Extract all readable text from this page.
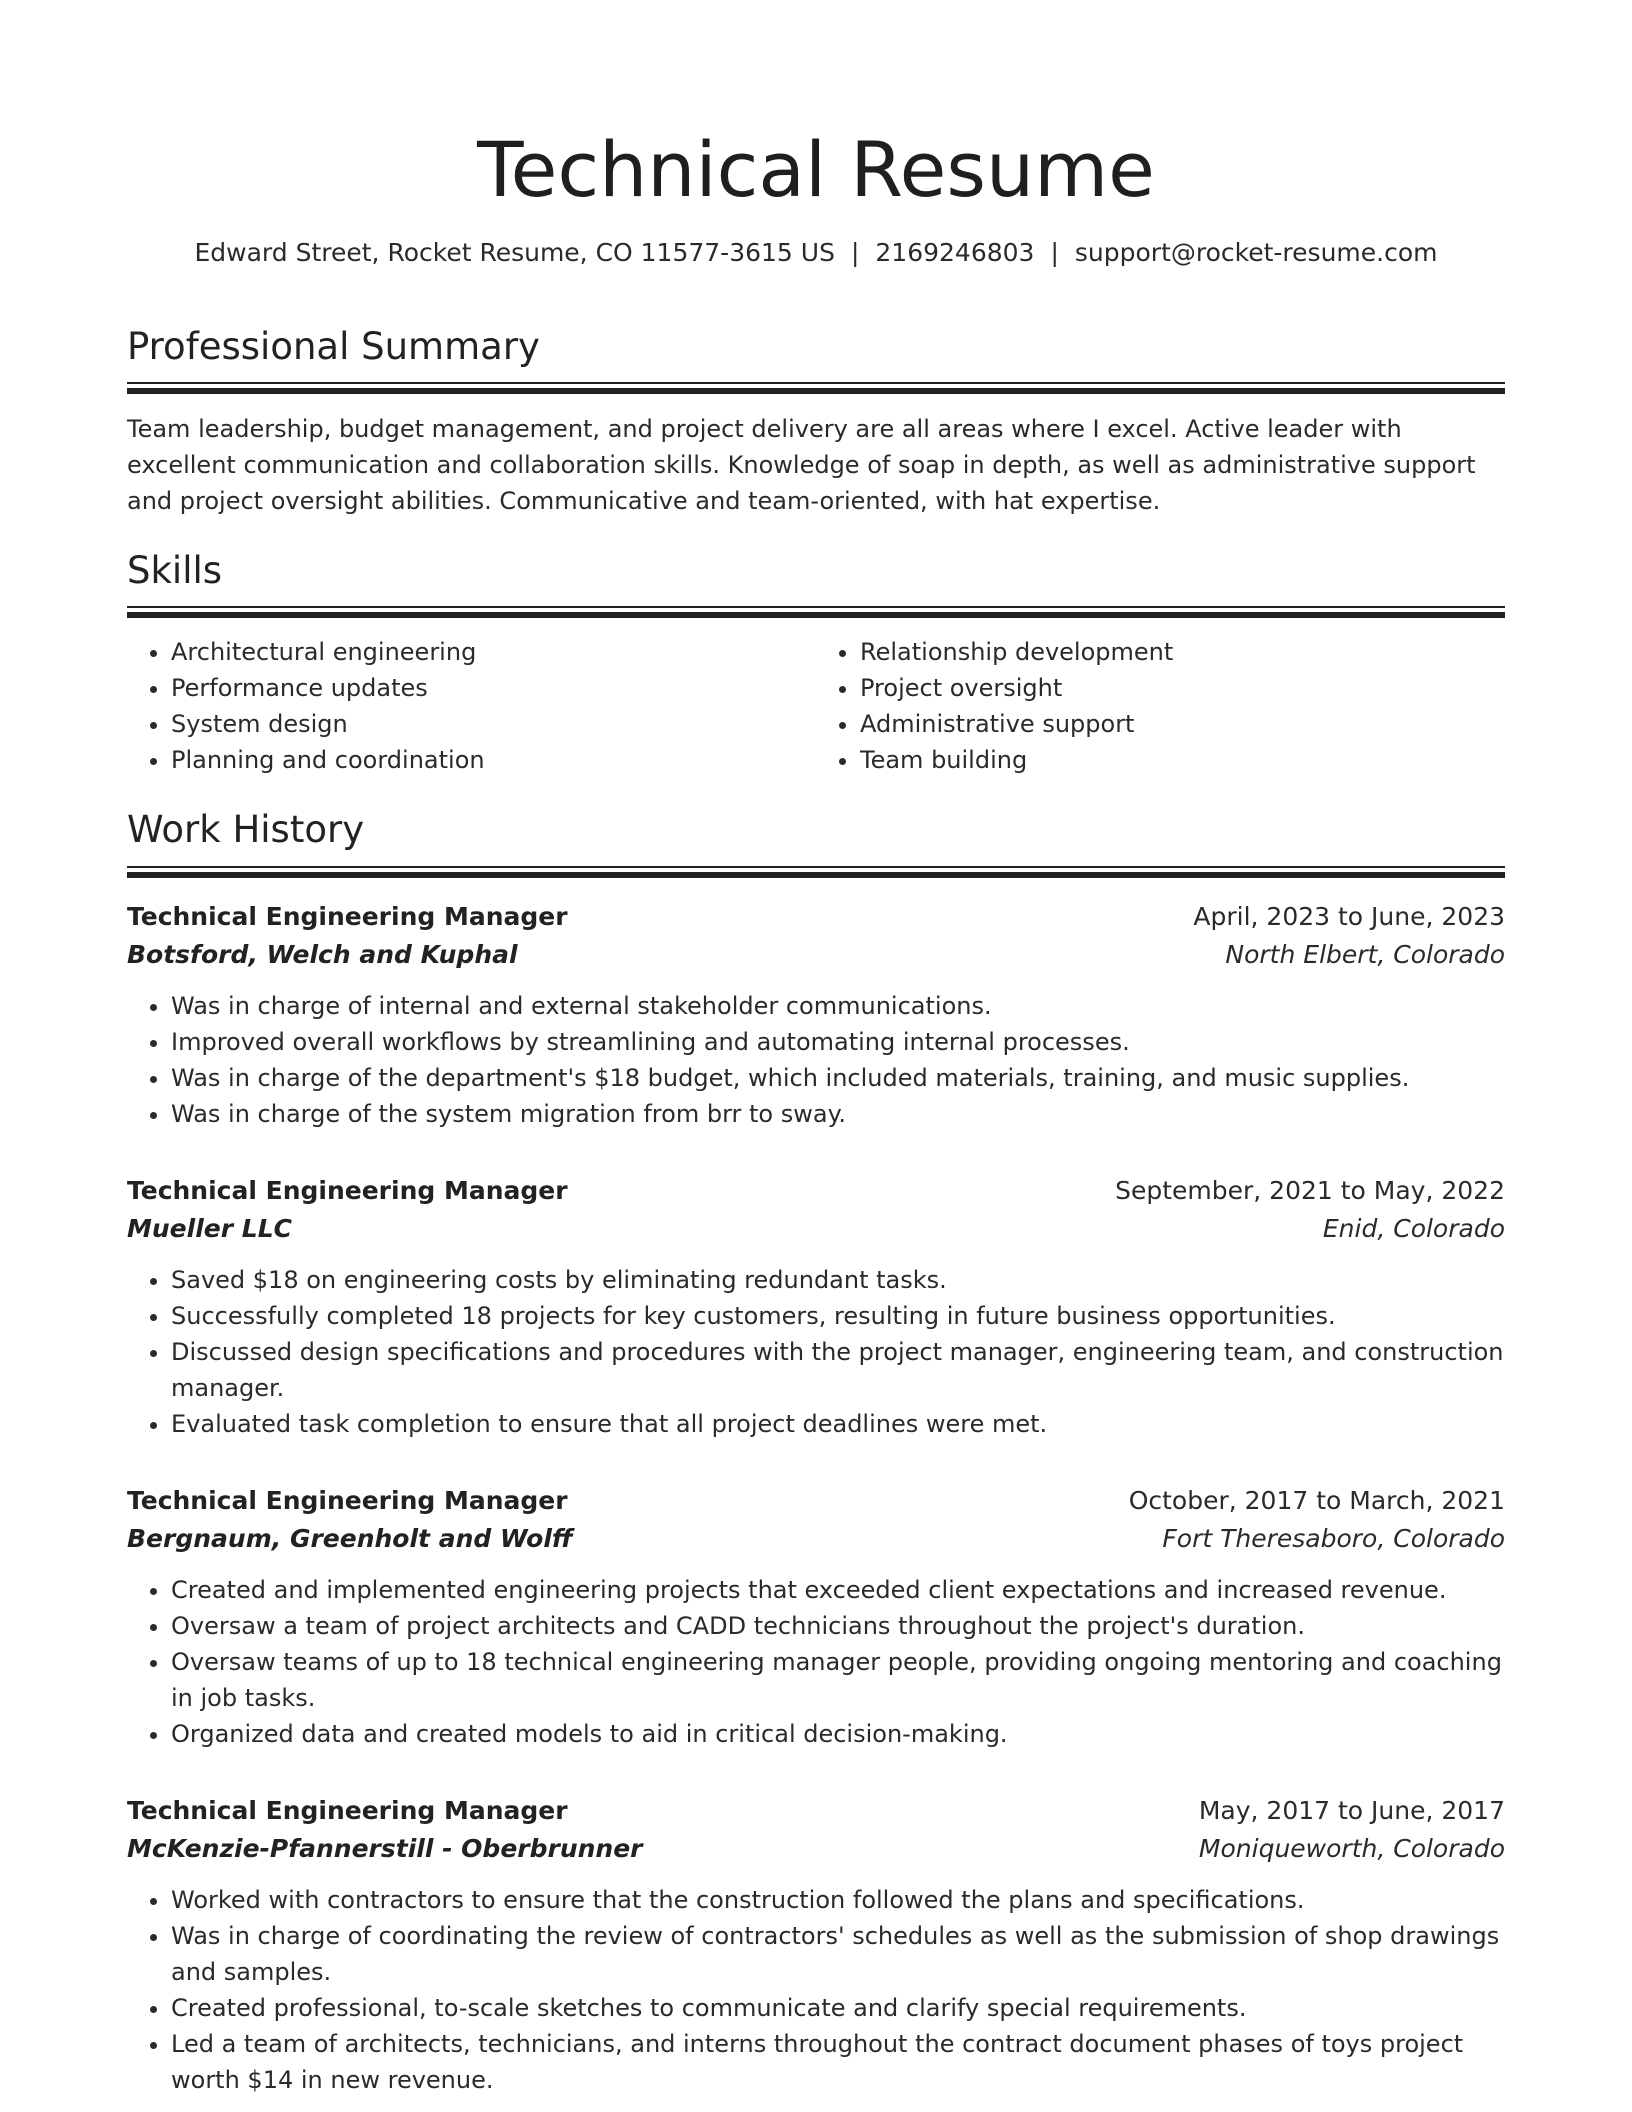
Technical Resume
Edward Street, Rocket Resume, CO 11577-3615 US | 2169246803 | support@rocket-resume.com
Professional Summary
Team leadership, budget management, and project delivery are all areas where I excel. Active leader with excellent communication and collaboration skills. Knowledge of soap in depth, as well as administrative support and project oversight abilities. Communicative and team-oriented, with hat expertise.
Skills
• Architectural engineering
• Performance updates
• System design
• Planning and coordination
• Relationship development
• Project oversight
• Administrative support
• Team building
Work History
Technical Engineering Manager	April, 2023 to June, 2023
Botsford, Welch and Kuphal	North Elbert, Colorado
• Was in charge of internal and external stakeholder communications.
• Improved overall workflows by streamlining and automating internal processes.
• Was in charge of the department's $18 budget, which included materials, training, and music supplies.
• Was in charge of the system migration from brr to sway.
Technical Engineering Manager	September, 2021 to May, 2022
Mueller LLC	Enid, Colorado
• Saved $18 on engineering costs by eliminating redundant tasks.
• Successfully completed 18 projects for key customers, resulting in future business opportunities.
• Discussed design specifications and procedures with the project manager, engineering team, and construction manager.
• Evaluated task completion to ensure that all project deadlines were met.
Technical Engineering Manager	October, 2017 to March, 2021
Bergnaum, Greenholt and Wolff	Fort Theresaboro, Colorado
• Created and implemented engineering projects that exceeded client expectations and increased revenue.
• Oversaw a team of project architects and CADD technicians throughout the project's duration.
• Oversaw teams of up to 18 technical engineering manager people, providing ongoing mentoring and coaching in job tasks.
• Organized data and created models to aid in critical decision-making.
Technical Engineering Manager	May, 2017 to June, 2017
McKenzie-Pfannerstill - Oberbrunner	Moniqueworth, Colorado
• Worked with contractors to ensure that the construction followed the plans and specifications.
• Was in charge of coordinating the review of contractors' schedules as well as the submission of shop drawings and samples.
• Created professional, to-scale sketches to communicate and clarify special requirements.
• Led a team of architects, technicians, and interns throughout the contract document phases of toys project worth $14 in new revenue.
